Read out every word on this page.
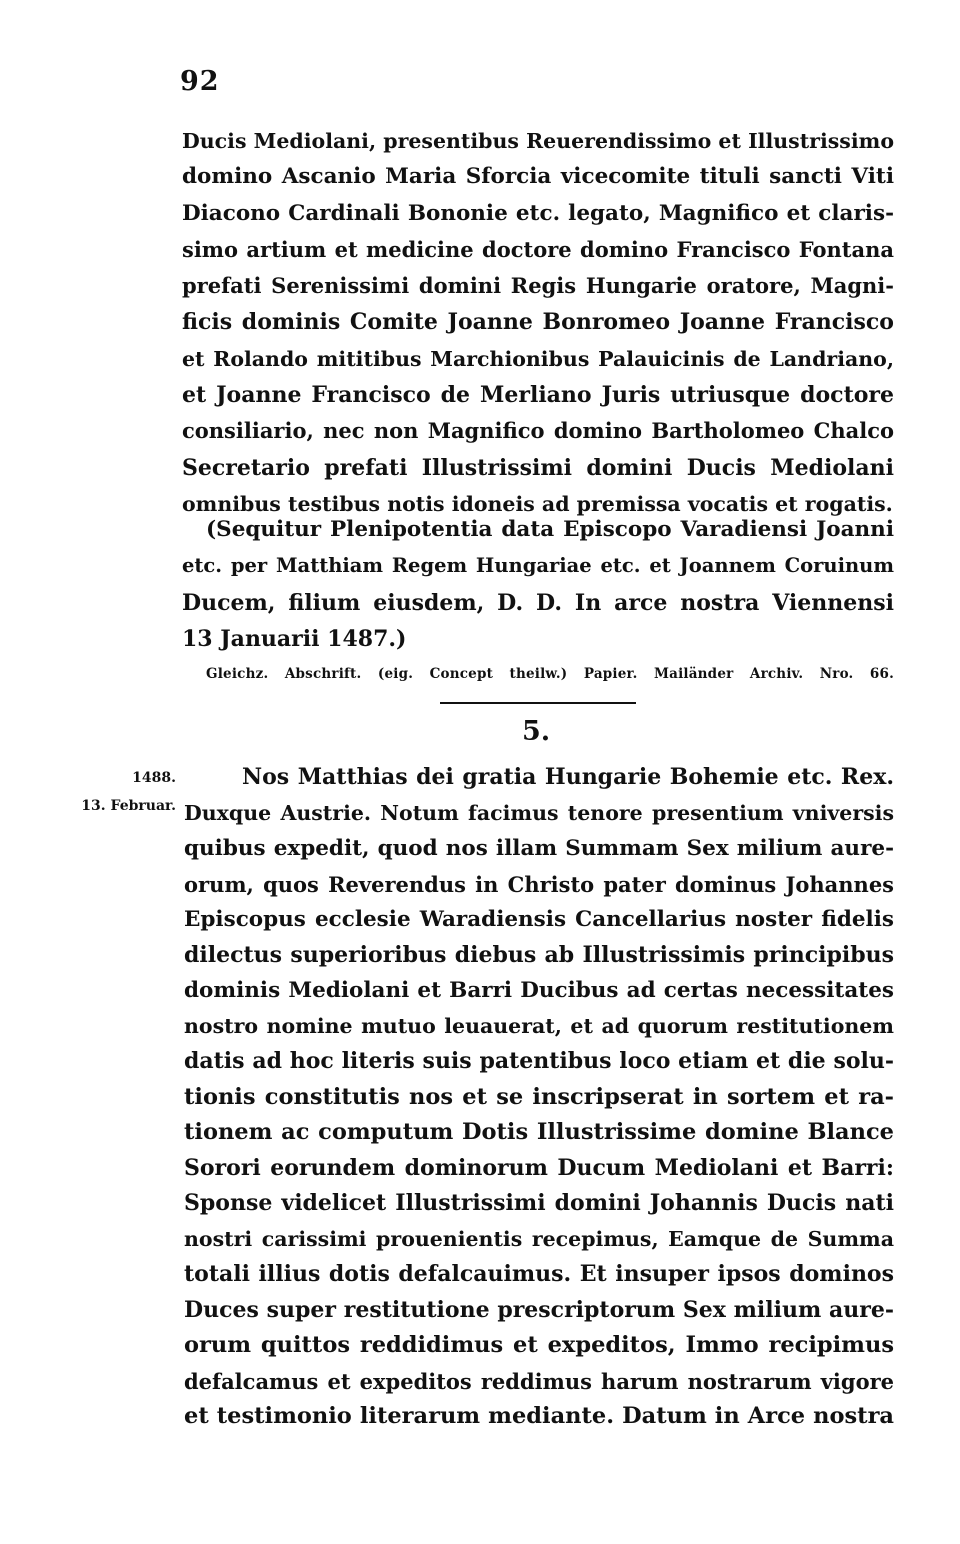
92
Ducis Mediolani, presentibus Reuerendissimo et Illustrissimo
domino Ascanio Maria Sforcia vicecomite tituli sancti Viti
Diacono Cardinali Bononie etc. legato, Magnifico et claris-
simo artium et medicine doctore domino Francisco Fontana
prefati Serenissimi domini Regis Hungarie oratore, Magni-
ficis dominis Comite Joanne Bonromeo Joanne Francisco
et Rolando mititibus Marchionibus Palauicinis de Landriano,
et Joanne Francisco de Merliano Juris utriusque doctore
consiliario, nec non Magnifico domino Bartholomeo Chalco
Secretario prefati Illustrissimi domini Ducis Mediolani
omnibus testibus notis idoneis ad premissa vocatis et rogatis.
(Sequitur Plenipotentia data Episcopo Varadiensi Joanni
etc. per Matthiam Regem Hungariae etc. et Joannem Coruinum
Ducem, filium eiusdem, D. D. In arce nostra Viennensi
13 Januarii 1487.)
Gleichz. Abschrift. (eig. Concept theilw.) Papier. Mailänder Archiv. Nro. 66.
5.
1488.
13. Februar.
Nos Matthias dei gratia Hungarie Bohemie etc. Rex.
Duxque Austrie. Notum facimus tenore presentium vniversis
quibus expedit, quod nos illam Summam Sex milium aure-
orum, quos Reverendus in Christo pater dominus Johannes
Episcopus ecclesie Waradiensis Cancellarius noster fidelis
dilectus superioribus diebus ab Illustrissimis principibus
dominis Mediolani et Barri Ducibus ad certas necessitates
nostro nomine mutuo leuauerat, et ad quorum restitutionem
datis ad hoc literis suis patentibus loco etiam et die solu-
tionis constitutis nos et se inscripserat in sortem et ra-
tionem ac computum Dotis Illustrissime domine Blance
Sorori eorundem dominorum Ducum Mediolani et Barri:
Sponse videlicet Illustrissimi domini Johannis Ducis nati
nostri carissimi prouenientis recepimus, Eamque de Summa
totali illius dotis defalcauimus. Et insuper ipsos dominos
Duces super restitutione prescriptorum Sex milium aure-
orum quittos reddidimus et expeditos, Immo recipimus
defalcamus et expeditos reddimus harum nostrarum vigore
et testimonio literarum mediante. Datum in Arce nostra
